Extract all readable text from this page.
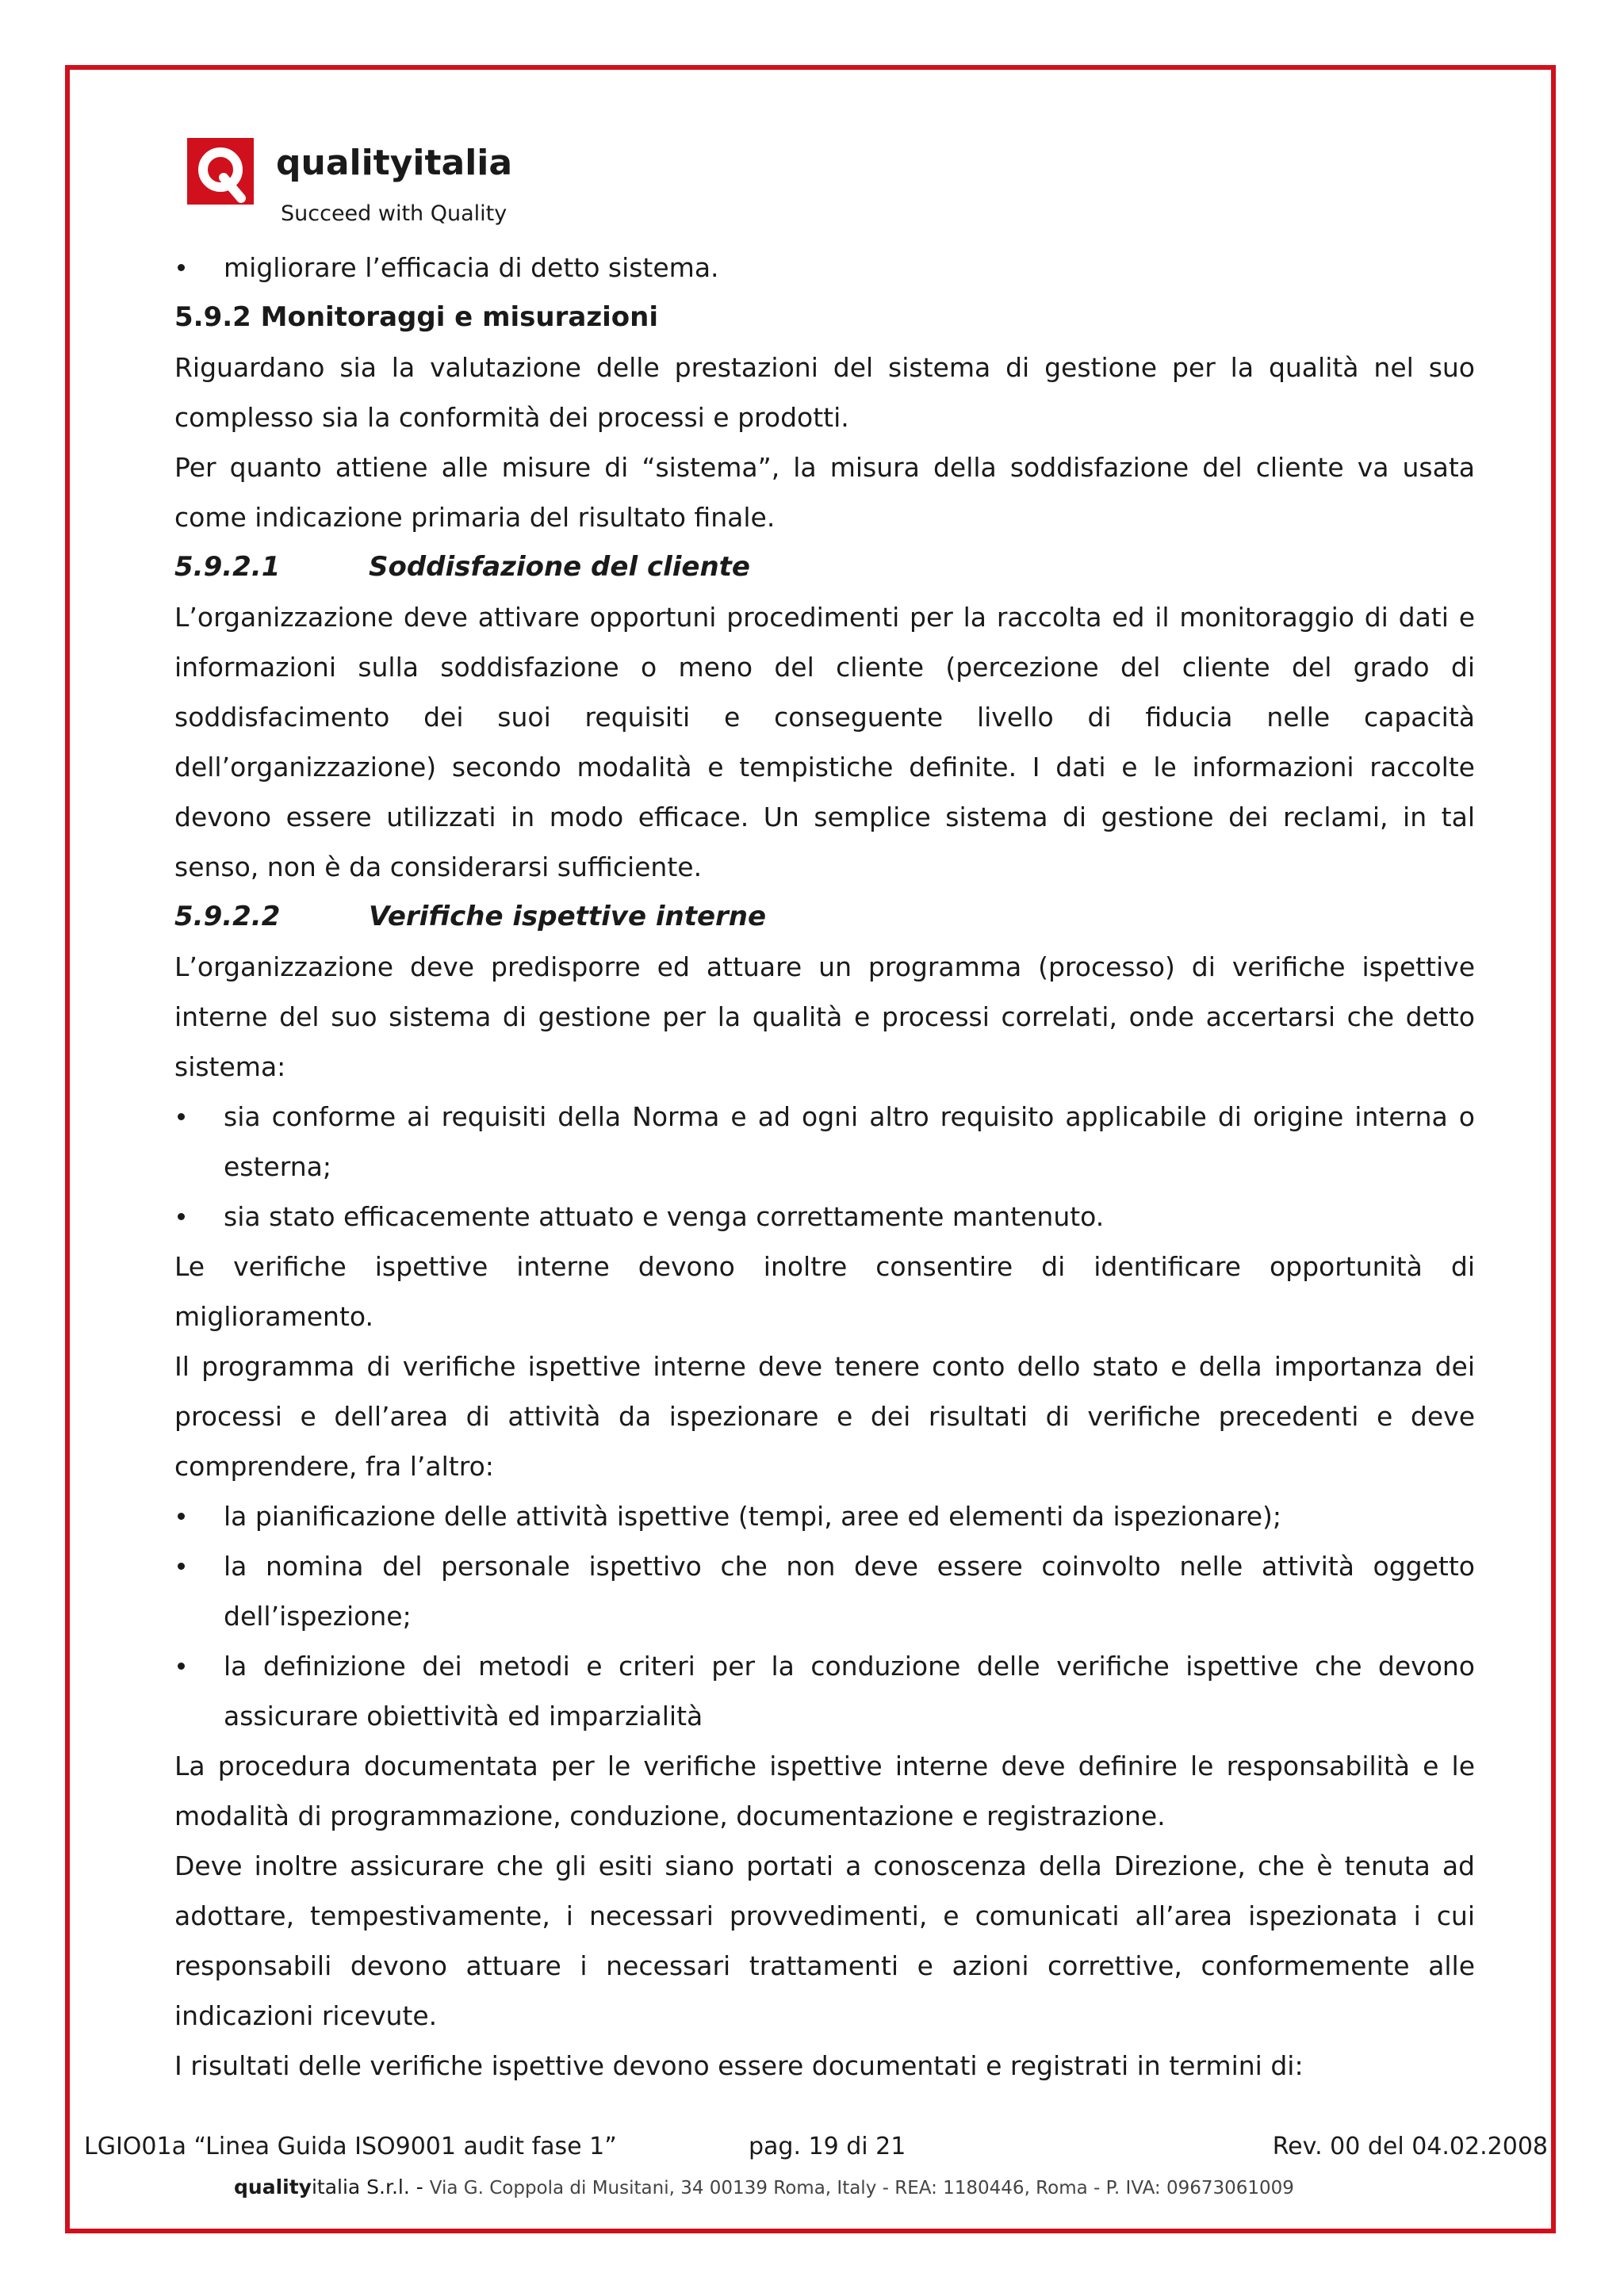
qualityitalia
Succeed with Quality
migliorare l’efficacia di detto sistema.
5.9.2 Monitoraggi e misurazioni

Riguardano sia la valutazione delle prestazioni del sistema di gestione per la qualità nel suo complesso sia la conformità dei processi e prodotti.

Per quanto attiene alle misure di “sistema”, la misura della soddisfazione del cliente va usata come indicazione primaria del risultato finale.

5.9.2.1	Soddisfazione del cliente

L’organizzazione deve attivare opportuni procedimenti per la raccolta ed il monitoraggio di dati e informazioni sulla soddisfazione o meno del cliente (percezione del cliente del grado di soddisfacimento dei suoi requisiti e conseguente livello di fiducia nelle capacità dell’organizzazione) secondo modalità e tempistiche definite. I dati e le informazioni raccolte devono essere utilizzati in modo efficace. Un semplice sistema di gestione dei reclami, in tal senso, non è da considerarsi sufficiente.

5.9.2.2	Verifiche ispettive interne

L’organizzazione deve predisporre ed attuare un programma (processo) di verifiche ispettive interne del suo sistema di gestione per la qualità e processi correlati, onde accertarsi che detto sistema:

sia conforme ai requisiti della Norma e ad ogni altro requisito applicabile di origine interna o esterna;
sia stato efficacemente attuato e venga correttamente mantenuto.

Le verifiche ispettive interne devono inoltre consentire di identificare opportunità di miglioramento.

Il programma di verifiche ispettive interne deve tenere conto dello stato e della importanza dei processi e dell’area di attività da ispezionare e dei risultati di verifiche precedenti e deve comprendere, fra l’altro:

la pianificazione delle attività ispettive (tempi, aree ed elementi da ispezionare);
la nomina del personale ispettivo che non deve essere coinvolto nelle attività oggetto dell’ispezione;
la definizione dei metodi e criteri per la conduzione delle verifiche ispettive che devono assicurare obiettività ed imparzialità

La procedura documentata per le verifiche ispettive interne deve definire le responsabilità e le modalità di programmazione, conduzione, documentazione e registrazione.

Deve inoltre assicurare che gli esiti siano portati a conoscenza della Direzione, che è tenuta ad adottare, tempestivamente, i necessari provvedimenti, e comunicati all’area ispezionata i cui responsabili devono attuare i necessari trattamenti e azioni correttive, conformemente alle indicazioni ricevute.

I risultati delle verifiche ispettive devono essere documentati e registrati in termini di:

LGIO01a “Linea Guida ISO9001 audit fase 1”	pag. 19 di 21	Rev. 00 del 04.02.2008
qualityitalia S.r.l. - Via G. Coppola di Musitani, 34 00139 Roma, Italy - REA: 1180446, Roma - P. IVA: 09673061009
